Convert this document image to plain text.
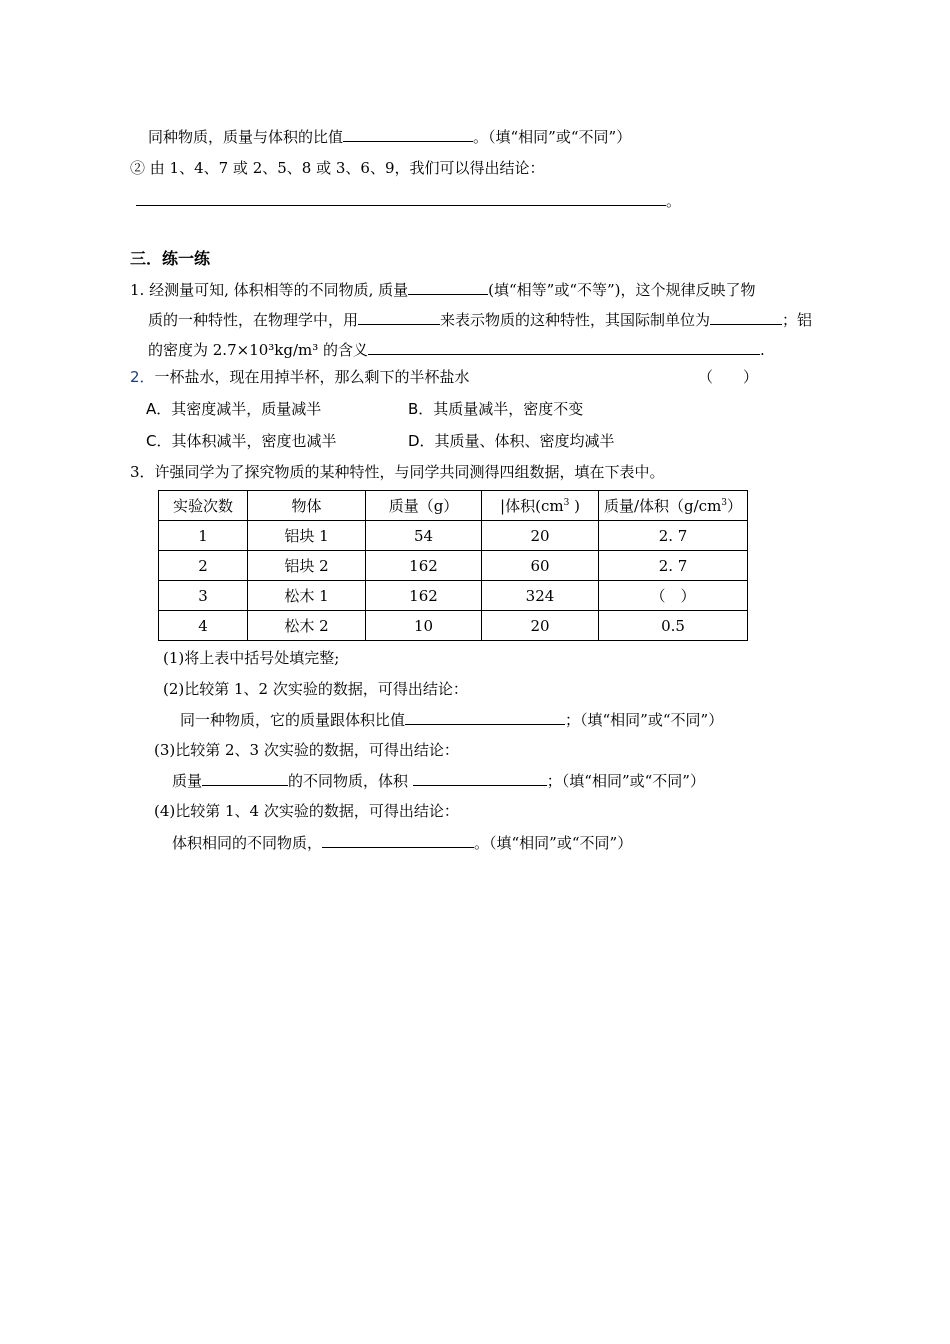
同种物质，质量与体积的比值	。（填“相同”或“不同”）
② 由 1、4、7 或 2、5、8 或 3、6、9，我们可以得出结论：
。
三．练一练
1. 经测量可知, 体积相等的不同物质, 质量	(填“相等”或“不等”)，这个规律反映了物
质的一种特性，在物理学中，用	来表示物质的这种特性，其国际制单位为	；铝
的密度为 2.7×10³kg/m³ 的含义	.
2．一杯盐水，现在用掉半杯，那么剩下的半杯盐水	（　　）
A．其密度减半，质量减半	B．其质量减半，密度不变
C．其体积减半，密度也减半	D．其质量、体积、密度均减半
3．许强同学为了探究物质的某种特性，与同学共同测得四组数据，填在下表中。
实验次数	物体	质量（g）	|体积($cm^3$ )	质量/体积$(g/cm^3)$
1	铝块 1	54	20	2. 7
2	铝块 2	162	60	2. 7
3	松木 1	162	324	（　）
4	松木 2	10	20	0.5
(1)将上表中括号处填完整;
(2)比较第 1、2 次实验的数据，可得出结论：
同一种物质，它的质量跟体积比值	；（填“相同”或“不同”）
(3)比较第 2、3 次实验的数据，可得出结论：
质量	的不同物质，体积	；（填“相同”或“不同”）
(4)比较第 1、4 次实验的数据，可得出结论：
体积相同的不同物质，	。（填“相同”或“不同”）
